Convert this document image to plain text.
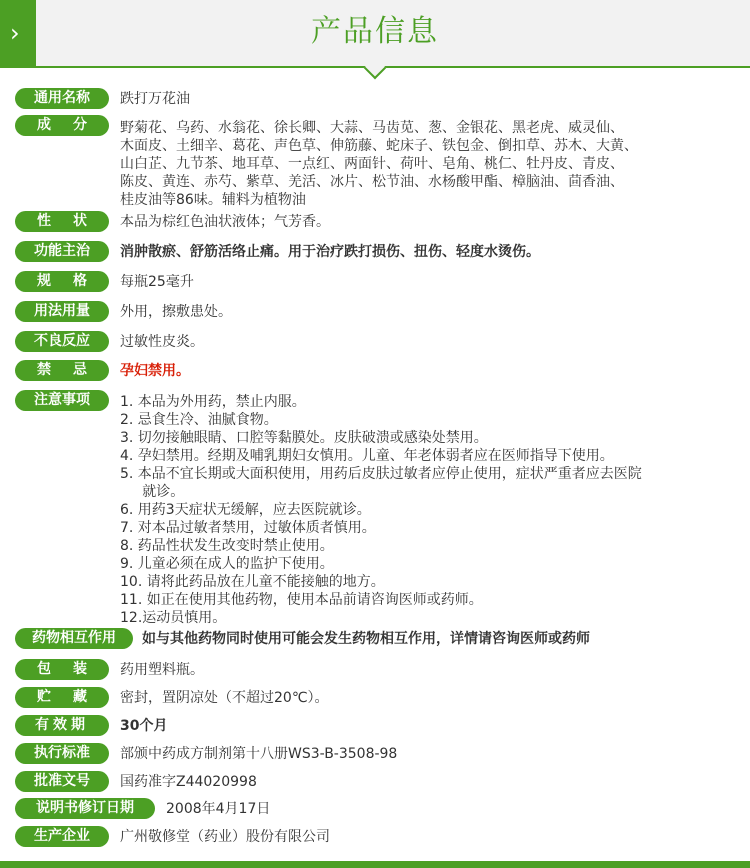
›	产品信息
通用名称	跌打万花油
成分 野菊花、乌药、水翁花、徐长卿、大蒜、马齿苋、葱、金银花、黑老虎、威灵仙、
木面皮、土细辛、葛花、声色草、伸筋藤、蛇床子、铁包金、倒扣草、苏木、大黄、
山白芷、九节茶、地耳草、一点红、两面针、荷叶、皂角、桃仁、牡丹皮、青皮、
陈皮、黄连、赤芍、紫草、羌活、冰片、松节油、水杨酸甲酯、樟脑油、茴香油、
桂皮油等86味。辅料为植物油
性状 本品为棕红色油状液体；气芳香。
功能主治	消肿散瘀、舒筋活络止痛。用于治疗跌打损伤、扭伤、轻度水烫伤。
规格 每瓶25毫升
用法用量	外用，擦敷患处。
不良反应	过敏性皮炎。
禁忌 孕妇禁用。
注意事项	1. 本品为外用药，禁止内服。
2. 忌食生冷、油腻食物。
3. 切勿接触眼睛、口腔等黏膜处。皮肤破溃或感染处禁用。
4. 孕妇禁用。经期及哺乳期妇女慎用。儿童、年老体弱者应在医师指导下使用。
5. 本品不宜长期或大面积使用，用药后皮肤过敏者应停止使用，症状严重者应去医院
就诊。
6. 用药3天症状无缓解，应去医院就诊。
7. 对本品过敏者禁用，过敏体质者慎用。
8. 药品性状发生改变时禁止使用。
9. 儿童必须在成人的监护下使用。
10. 请将此药品放在儿童不能接触的地方。
11. 如正在使用其他药物，使用本品前请咨询医师或药师。
12.运动员慎用。
药物相互作用	如与其他药物同时使用可能会发生药物相互作用，详情请咨询医师或药师
包装 药用塑料瓶。
贮藏 密封，置阴凉处（不超过20℃）。
有效期	30个月
执行标准	部颁中药成方制剂第十八册WS3-B-3508-98
批准文号	国药准字Z44020998
说明书修订日期	2008年4月17日
生产企业	广州敬修堂（药业）股份有限公司
